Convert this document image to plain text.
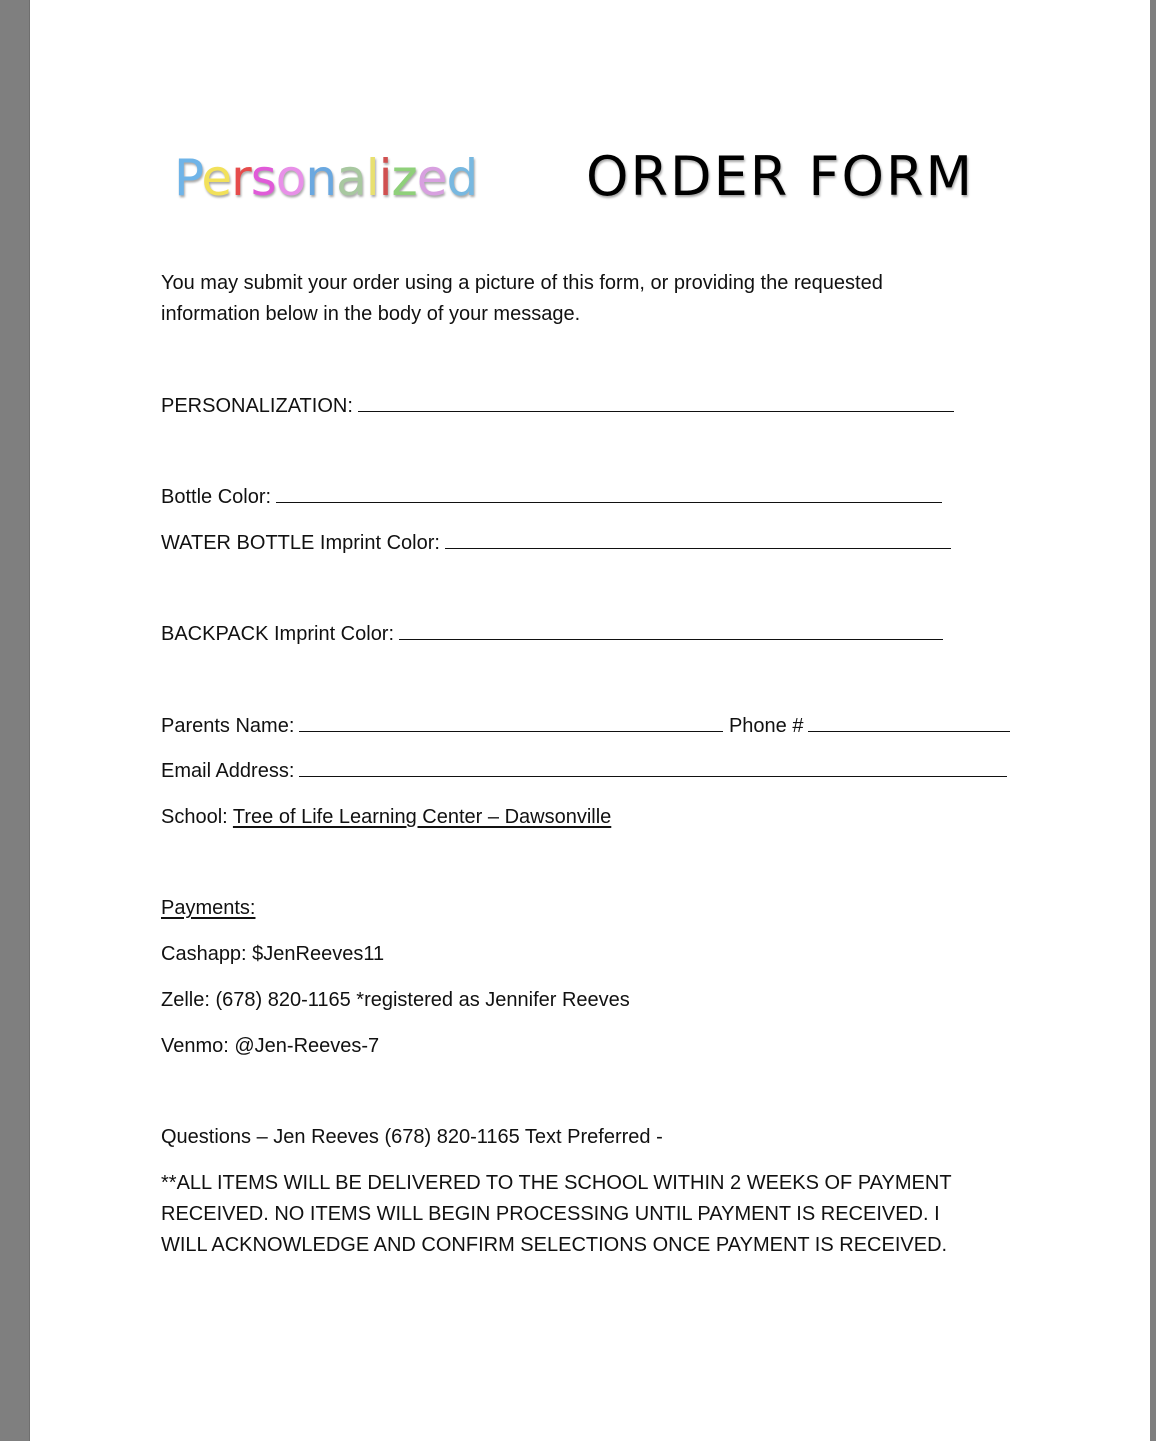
Personalized ORDER FORM
You may submit your order using a picture of this form, or providing the requested information below in the body of your message.
PERSONALIZATION:
Bottle Color:
WATER BOTTLE Imprint Color:
BACKPACK Imprint Color:
Parents Name:	Phone #
Email Address:
School: Tree of Life Learning Center – Dawsonville
Payments:
Cashapp: $JenReeves11
Zelle: (678) 820-1165 *registered as Jennifer Reeves
Venmo: @Jen-Reeves-7
Questions – Jen Reeves (678) 820-1165 Text Preferred -
**ALL ITEMS WILL BE DELIVERED TO THE SCHOOL WITHIN 2 WEEKS OF PAYMENT RECEIVED. NO ITEMS WILL BEGIN PROCESSING UNTIL PAYMENT IS RECEIVED. I WILL ACKNOWLEDGE AND CONFIRM SELECTIONS ONCE PAYMENT IS RECEIVED.
